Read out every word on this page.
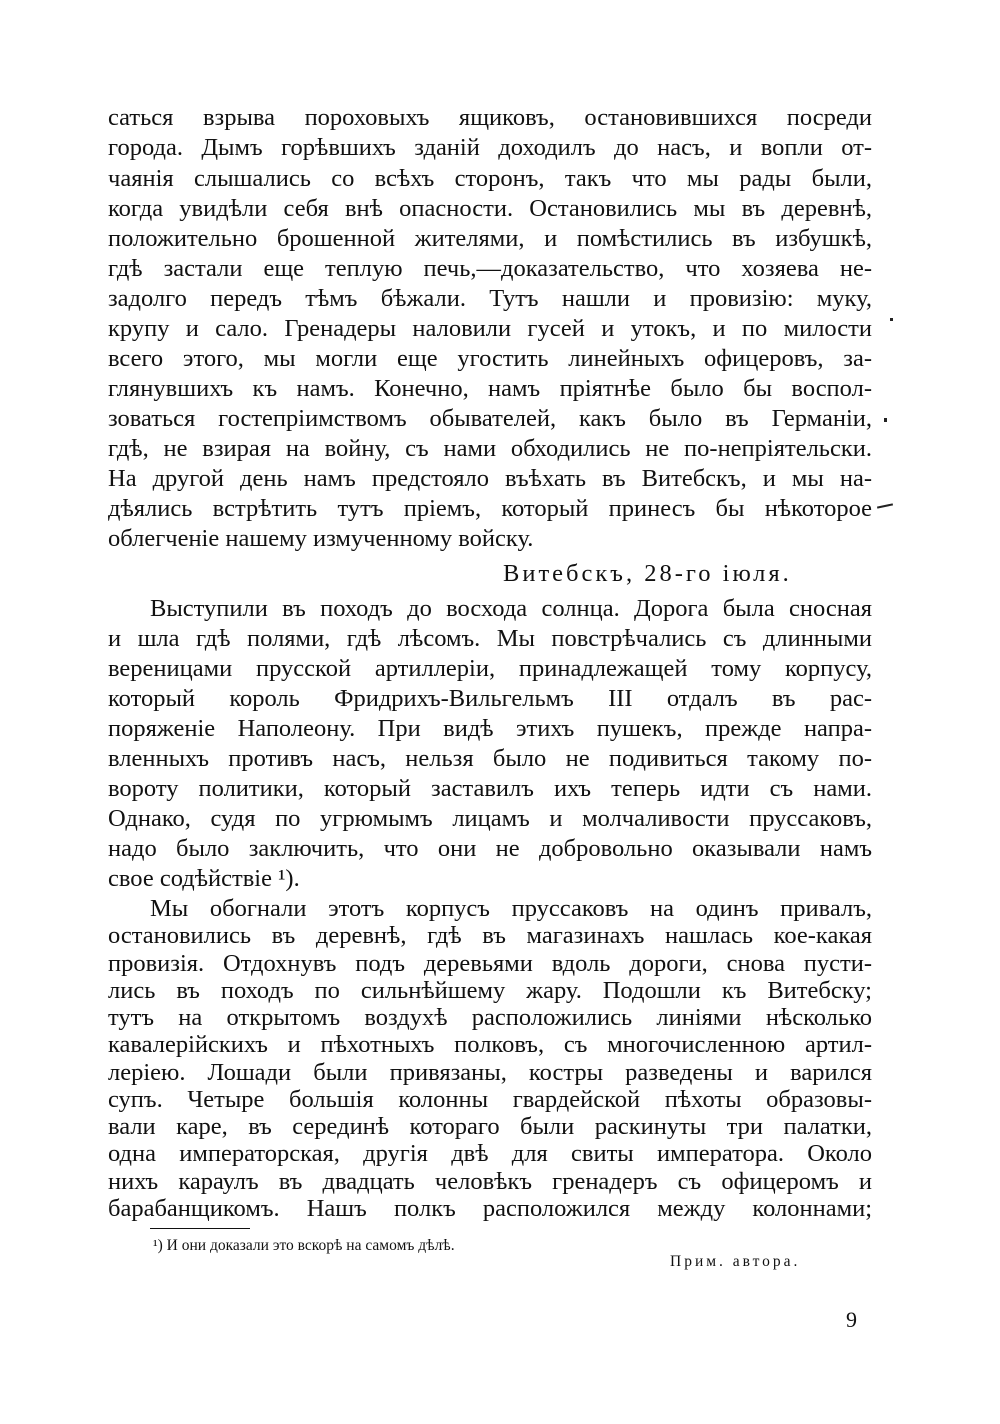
саться взрыва пороховыхъ ящиковъ, остановившихся посреди
города. Дымъ горѣвшихъ зданій доходилъ до насъ, и вопли от-
чаянія слышались со всѣхъ сторонъ, такъ что мы рады были,
когда увидѣли себя внѣ опасности. Остановились мы въ деревнѣ,
положительно брошенной жителями, и помѣстились въ избушкѣ,
гдѣ застали еще теплую печь,—доказательство, что хозяева не-
задолго передъ тѣмъ бѣжали. Тутъ нашли и провизію: муку,
крупу и сало. Гренадеры наловили гусей и утокъ, и по милости
всего этого, мы могли еще угостить линейныхъ офицеровъ, за-
глянувшихъ къ намъ. Конечно, намъ пріятнѣе было бы воспол-
зоваться гостепріимствомъ обывателей, какъ было въ Германіи,
гдѣ, не взирая на войну, съ нами обходились не по-непріятельски.
На другой день намъ предстояло въѣхать въ Витебскъ, и мы на-
дѣялись встрѣтить тутъ пріемъ, который принесъ бы нѣкоторое
облегченіе нашему измученному войску.
Витебскъ, 28-го іюля.
Выступили въ походъ до восхода солнца. Дорога была сносная
и шла гдѣ полями, гдѣ лѣсомъ. Мы повстрѣчались съ длинными
вереницами прусской артиллеріи, принадлежащей тому корпусу,
который король Фридрихъ-Вильгельмъ III отдалъ въ рас-
поряженіе Наполеону. При видѣ этихъ пушекъ, прежде напра-
вленныхъ противъ насъ, нельзя было не подивиться такому по-
вороту политики, который заставилъ ихъ теперь идти съ нами.
Однако, судя по угрюмымъ лицамъ и молчаливости пруссаковъ,
надо было заключить, что они не добровольно оказывали намъ
свое содѣйствіе ¹).
Мы обогнали этотъ корпусъ пруссаковъ на одинъ привалъ,
остановились въ деревнѣ, гдѣ въ магазинахъ нашлась кое-какая
провизія. Отдохнувъ подъ деревьями вдоль дороги, снова пусти-
лись въ походъ по сильнѣйшему жару. Подошли къ Витебску;
тутъ на открытомъ воздухѣ расположились линіями нѣсколько
кавалерійскихъ и пѣхотныхъ полковъ, съ многочисленною артил-
леріею. Лошади были привязаны, костры разведены и варился
супъ. Четыре большія колонны гвардейской пѣхоты образовы-
вали каре, въ серединѣ котораго были раскинуты три палатки,
одна императорская, другія двѣ для свиты императора. Около
нихъ караулъ въ двадцать человѣкъ гренадеръ съ офицеромъ и
барабанщикомъ. Нашъ полкъ расположился между колоннами;
¹) И они доказали это вскорѣ на самомъ дѣлѣ.
Прим. автора.
9
